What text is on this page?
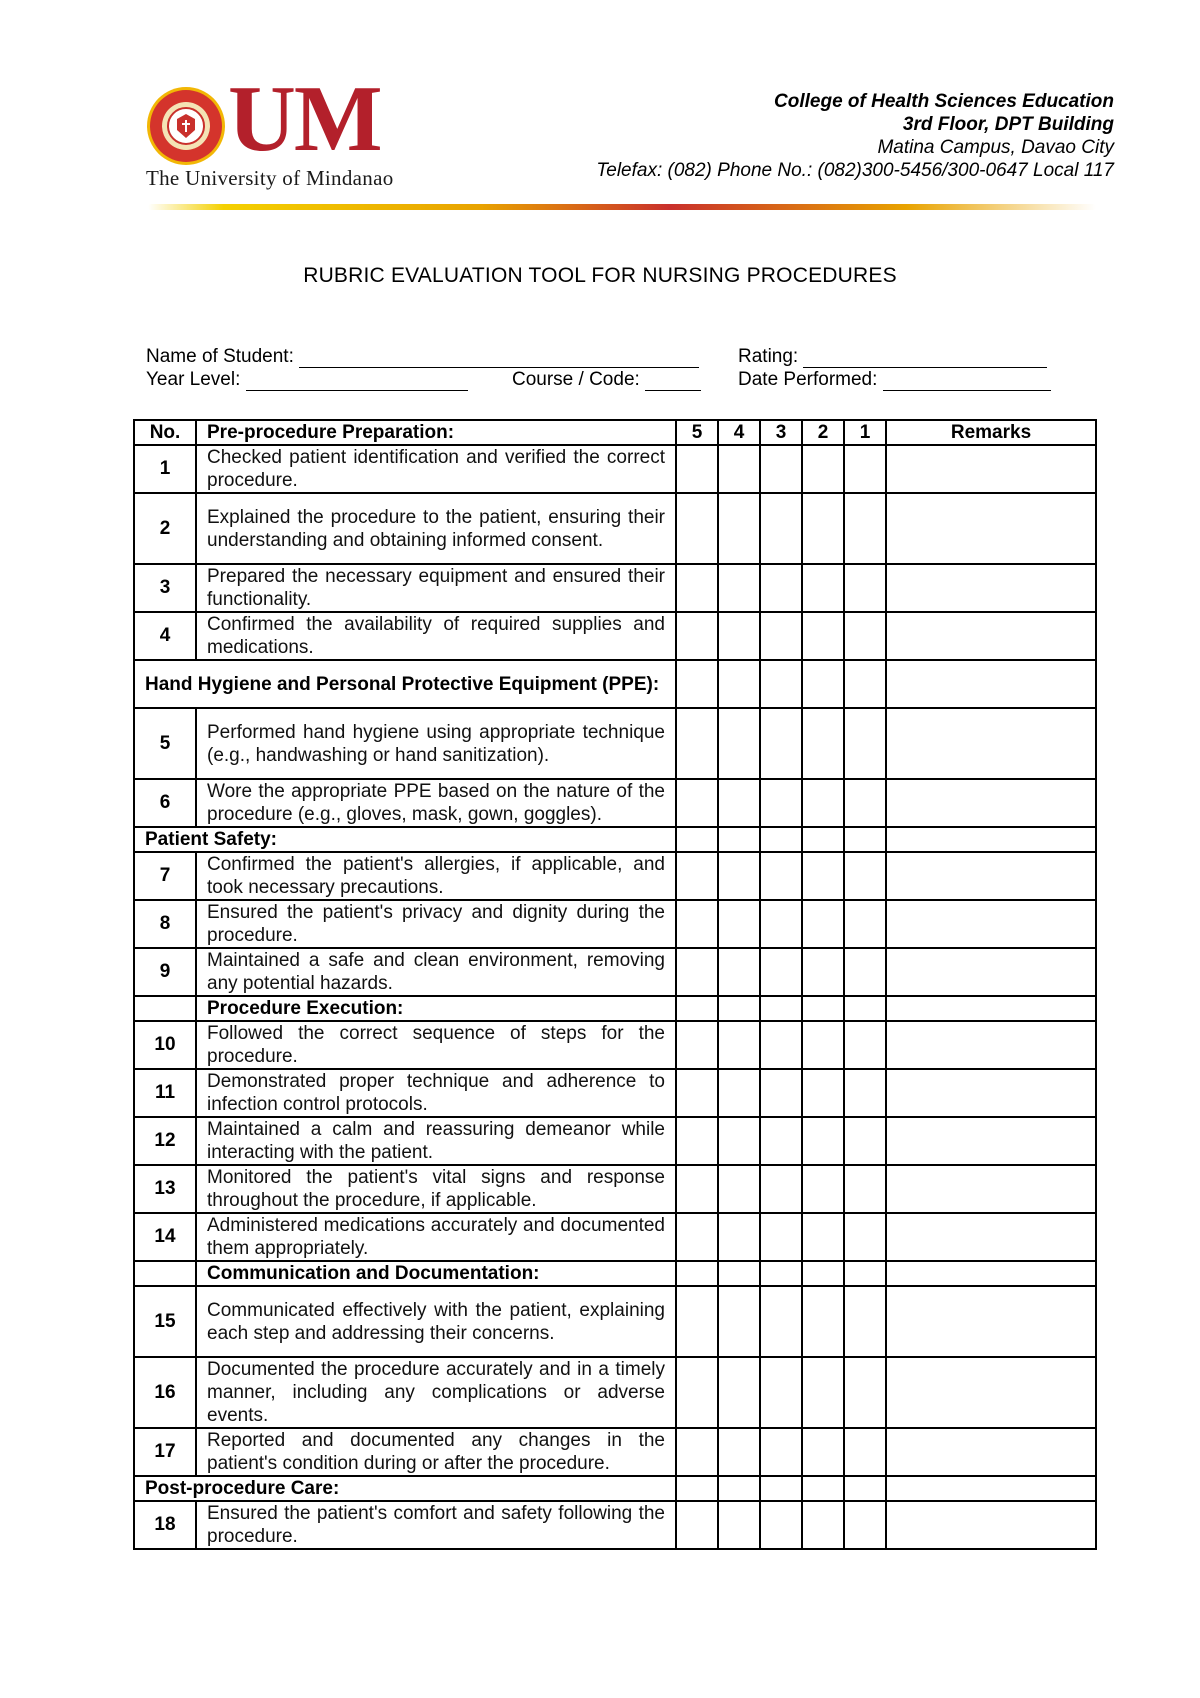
UM
The University of Mindanao
College of Health Sciences Education
3rd Floor, DPT Building
Matina Campus, Davao City
Telefax: (082) Phone No.: (082)300-5456/300-0647 Local 117
RUBRIC EVALUATION TOOL FOR NURSING PROCEDURES
Name of Student:	Rating:
Year Level:	Course / Code:	Date Performed:
No.	Pre-procedure Preparation:	5	4	3	2	1	Remarks
1	Checked patient identification and verified the correct procedure.						
2	Explained the procedure to the patient, ensuring their understanding and obtaining informed consent.						
3	Prepared the necessary equipment and ensured their functionality.						
4	Confirmed the availability of required supplies and medications.						
Hand Hygiene and Personal Protective Equipment (PPE):							
5	Performed hand hygiene using appropriate technique (e.g., handwashing or hand sanitization).						
6	Wore the appropriate PPE based on the nature of the procedure (e.g., gloves, mask, gown, goggles).						
Patient Safety:							
7	Confirmed the patient's allergies, if applicable, and took necessary precautions.						
8	Ensured the patient's privacy and dignity during the procedure.						
9	Maintained a safe and clean environment, removing any potential hazards.						
	Procedure Execution:						
10	Followed the correct sequence of steps for the procedure.						
11	Demonstrated proper technique and adherence to infection control protocols.						
12	Maintained a calm and reassuring demeanor while interacting with the patient.						
13	Monitored the patient's vital signs and response throughout the procedure, if applicable.						
14	Administered medications accurately and documented them appropriately.						
	Communication and Documentation:						
15	Communicated effectively with the patient, explaining each step and addressing their concerns.						
16	Documented the procedure accurately and in a timely manner, including any complications or adverse events.						
17	Reported and documented any changes in the patient's condition during or after the procedure.						
Post-procedure Care:							
18	Ensured the patient's comfort and safety following the procedure.						
